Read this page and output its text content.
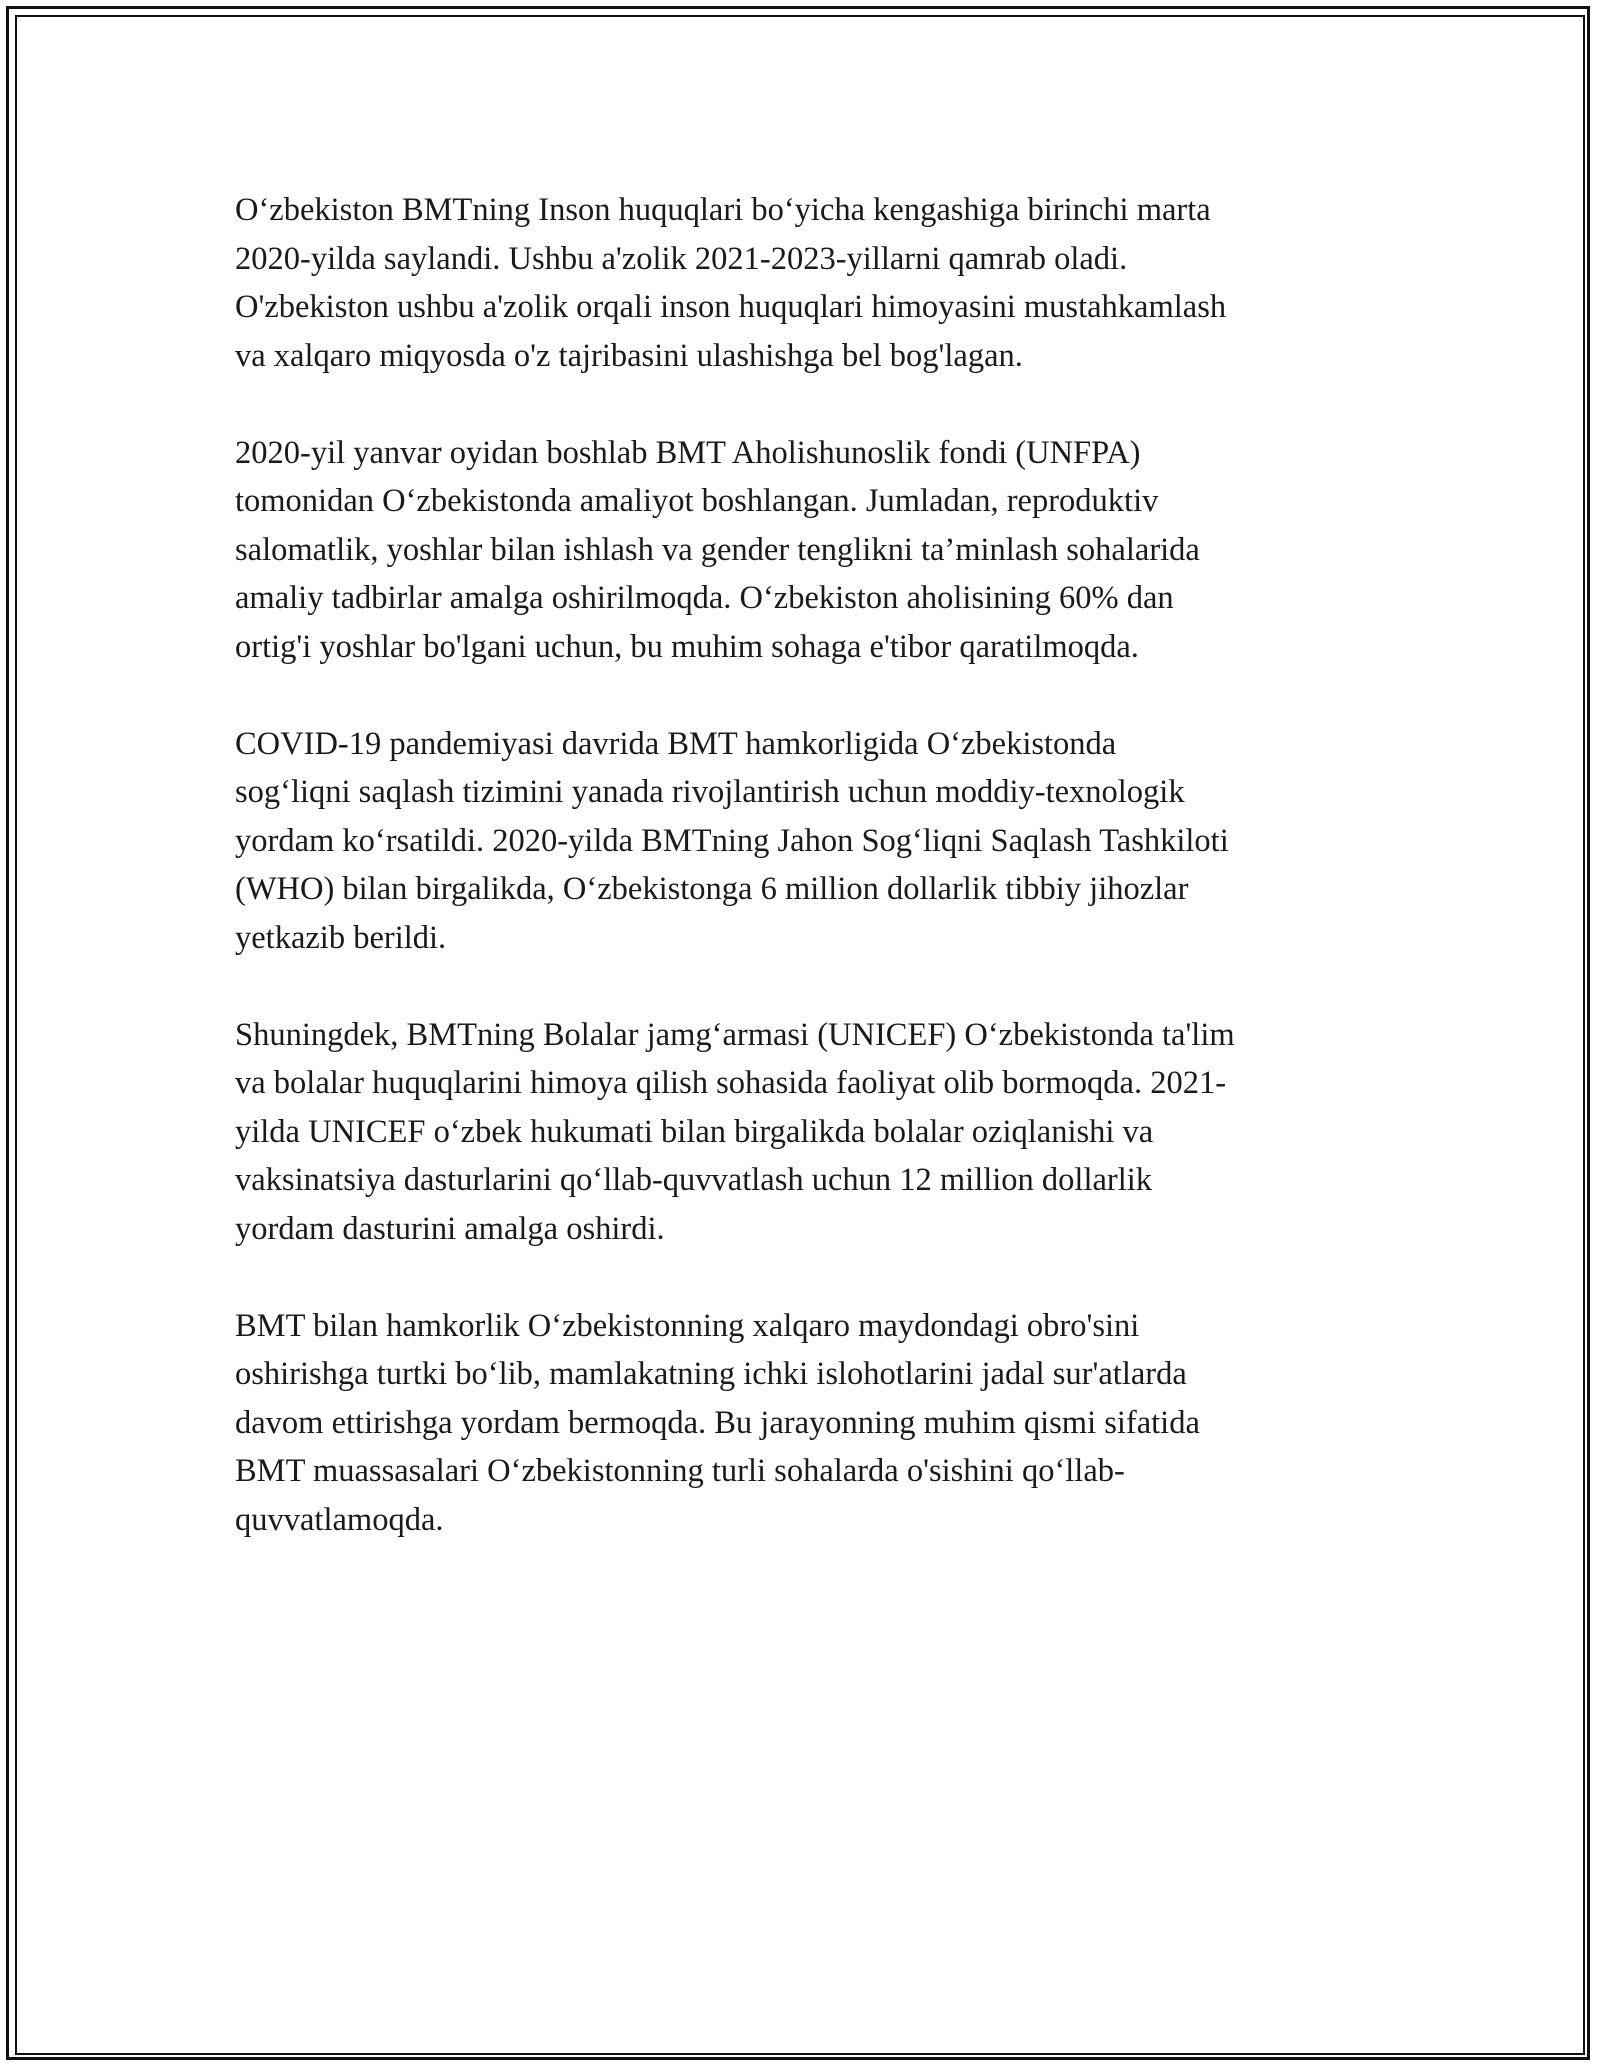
O‘zbekiston BMTning Inson huquqlari bo‘yicha kengashiga birinchi marta
2020-yilda saylandi. Ushbu a'zolik 2021-2023-yillarni qamrab oladi.
O'zbekiston ushbu a'zolik orqali inson huquqlari himoyasini mustahkamlash
va xalqaro miqyosda o'z tajribasini ulashishga bel bog'lagan.

2020-yil yanvar oyidan boshlab BMT Aholishunoslik fondi (UNFPA)
tomonidan O‘zbekistonda amaliyot boshlangan. Jumladan, reproduktiv
salomatlik, yoshlar bilan ishlash va gender tenglikni ta’minlash sohalarida
amaliy tadbirlar amalga oshirilmoqda. O‘zbekiston aholisining 60% dan
ortig'i yoshlar bo'lgani uchun, bu muhim sohaga e'tibor qaratilmoqda.

COVID-19 pandemiyasi davrida BMT hamkorligida O‘zbekistonda
sog‘liqni saqlash tizimini yanada rivojlantirish uchun moddiy-texnologik
yordam ko‘rsatildi. 2020-yilda BMTning Jahon Sog‘liqni Saqlash Tashkiloti
(WHO) bilan birgalikda, O‘zbekistonga 6 million dollarlik tibbiy jihozlar
yetkazib berildi.

Shuningdek, BMTning Bolalar jamg‘armasi (UNICEF) O‘zbekistonda ta'lim
va bolalar huquqlarini himoya qilish sohasida faoliyat olib bormoqda. 2021-
yilda UNICEF o‘zbek hukumati bilan birgalikda bolalar oziqlanishi va
vaksinatsiya dasturlarini qo‘llab-quvvatlash uchun 12 million dollarlik
yordam dasturini amalga oshirdi.

BMT bilan hamkorlik O‘zbekistonning xalqaro maydondagi obro'sini
oshirishga turtki bo‘lib, mamlakatning ichki islohotlarini jadal sur'atlarda
davom ettirishga yordam bermoqda. Bu jarayonning muhim qismi sifatida
BMT muassasalari O‘zbekistonning turli sohalarda o'sishini qo‘llab-
quvvatlamoqda.
